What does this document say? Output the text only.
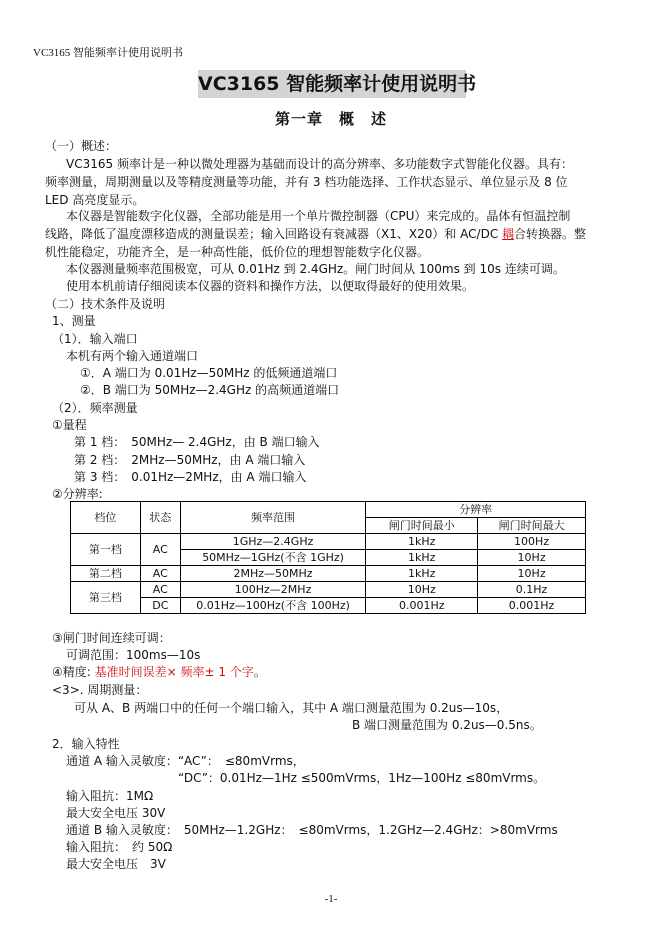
VC3165 智能频率计使用说明书
VC3165 智能频率计使用说明书
第一章　概　述
（一）概述：
VC3165 频率计是一种以微处理器为基础而设计的高分辨率、多功能数字式智能化仪器。具有：
频率测量，周期测量以及等精度测量等功能，并有 3 档功能选择、工作状态显示、单位显示及 8 位
LED 高亮度显示。
本仪器是智能数字化仪器，全部功能是用一个单片微控制器（CPU）来完成的。晶体有恒温控制
线路，降低了温度漂移造成的测量误差；输入回路设有衰减器（X1、X20）和 AC/DC 耦合转换器。整
机性能稳定，功能齐全，是一种高性能，低价位的理想智能数字化仪器。
本仪器测量频率范围极宽，可从 0.01Hz 到 2.4GHz。闸门时间从 100ms 到 10s 连续可调。
使用本机前请仔细阅读本仪器的资料和操作方法，以便取得最好的使用效果。
（二）技术条件及说明
1、测量
（1）．输入端口
本机有两个输入通道端口
①．A 端口为 0.01Hz—50MHz 的低频通道端口
②．B 端口为 50MHz—2.4GHz 的高频通道端口
（2）．频率测量
①量程
第 1 档：　50MHz— 2.4GHz，由 B 端口输入
第 2 档：　2MHz—50MHz，由 A 端口输入
第 3 档：　0.01Hz—2MHz，由 A 端口输入
②分辨率:
档位	状态	频率范围	分辨率	
			闸门时间最小	闸门时间最大
第一档	AC	1GHz—2.4GHz	1kHz	100Hz
		50MHz—1GHz(不含 1GHz)	1kHz	10Hz
第二档	AC	2MHz—50MHz	1kHz	10Hz
第三档	AC	100Hz—2MHz	10Hz	0.1Hz
	DC	0.01Hz—100Hz(不含 100Hz)	0.001Hz	0.001Hz
③闸门时间连续可调：
可调范围：100ms—10s
④精度: 基准时间误差× 频率± 1 个字。
<3>. 周期测量：
可从 A、B 两端口中的任何一个端口输入，其中 A 端口测量范围为 0.2us—10s，
B 端口测量范围为 0.2us—0.5ns。
2．输入特性
通道 A 输入灵敏度：“AC”：　≤80mVrms，
“DC”：0.01Hz—1Hz ≤500mVrms，1Hz—100Hz ≤80mVrms。
输入阻抗：1MΩ
最大安全电压 30V
通道 B 输入灵敏度：　50MHz—1.2GHz：　≤80mVrms，1.2GHz—2.4GHz：>80mVrms
输入阻抗：　约 50Ω
最大安全电压　3V
-1-
